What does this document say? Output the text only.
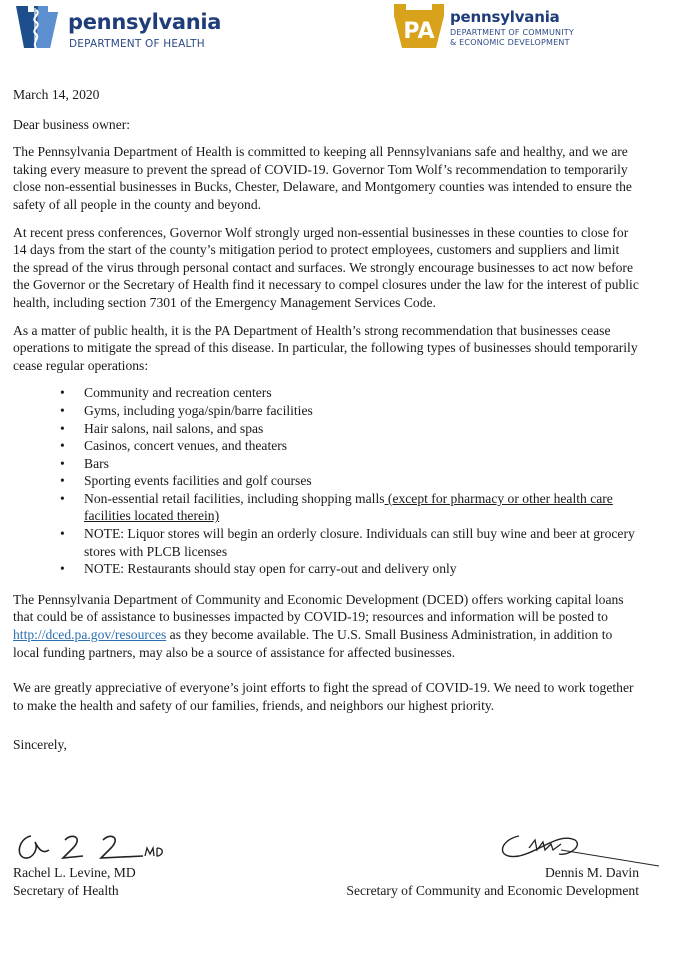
pennsylvania
DEPARTMENT OF HEALTH	PA
pennsylvania
DEPARTMENT OF COMMUNITY
& ECONOMIC DEVELOPMENT

March 14, 2020

Dear business owner:

The Pennsylvania Department of Health is committed to keeping all Pennsylvanians safe and healthy, and we are taking every measure to prevent the spread of COVID-19. Governor Tom Wolf’s recommendation to temporarily close non-essential businesses in Bucks, Chester, Delaware, and Montgomery counties was intended to ensure the safety of all people in the county and beyond.

At recent press conferences, Governor Wolf strongly urged non-essential businesses in these counties to close for 14 days from the start of the county’s mitigation period to protect employees, customers and suppliers and limit the spread of the virus through personal contact and surfaces. We strongly encourage businesses to act now before the Governor or the Secretary of Health find it necessary to compel closures under the law for the interest of public health, including section 7301 of the Emergency Management Services Code.

As a matter of public health, it is the PA Department of Health’s strong recommendation that businesses cease operations to mitigate the spread of this disease. In particular, the following types of businesses should temporarily cease regular operations:

• Community and recreation centers
• Gyms, including yoga/spin/barre facilities
• Hair salons, nail salons, and spas
• Casinos, concert venues, and theaters
• Bars
• Sporting events facilities and golf courses
• Non-essential retail facilities, including shopping malls (except for pharmacy or other health care facilities located therein)
• NOTE: Liquor stores will begin an orderly closure. Individuals can still buy wine and beer at grocery stores with PLCB licenses
• NOTE: Restaurants should stay open for carry-out and delivery only

The Pennsylvania Department of Community and Economic Development (DCED) offers working capital loans that could be of assistance to businesses impacted by COVID-19; resources and information will be posted to http://dced.pa.gov/resources as they become available. The U.S. Small Business Administration, in addition to local funding partners, may also be a source of assistance for affected businesses.

We are greatly appreciative of everyone’s joint efforts to fight the spread of COVID-19. We need to work together to make the health and safety of our families, friends, and neighbors our highest priority.

Sincerely,

Rachel L. Levine, MD
Secretary of Health
Dennis M. Davin
Secretary of Community and Economic Development
